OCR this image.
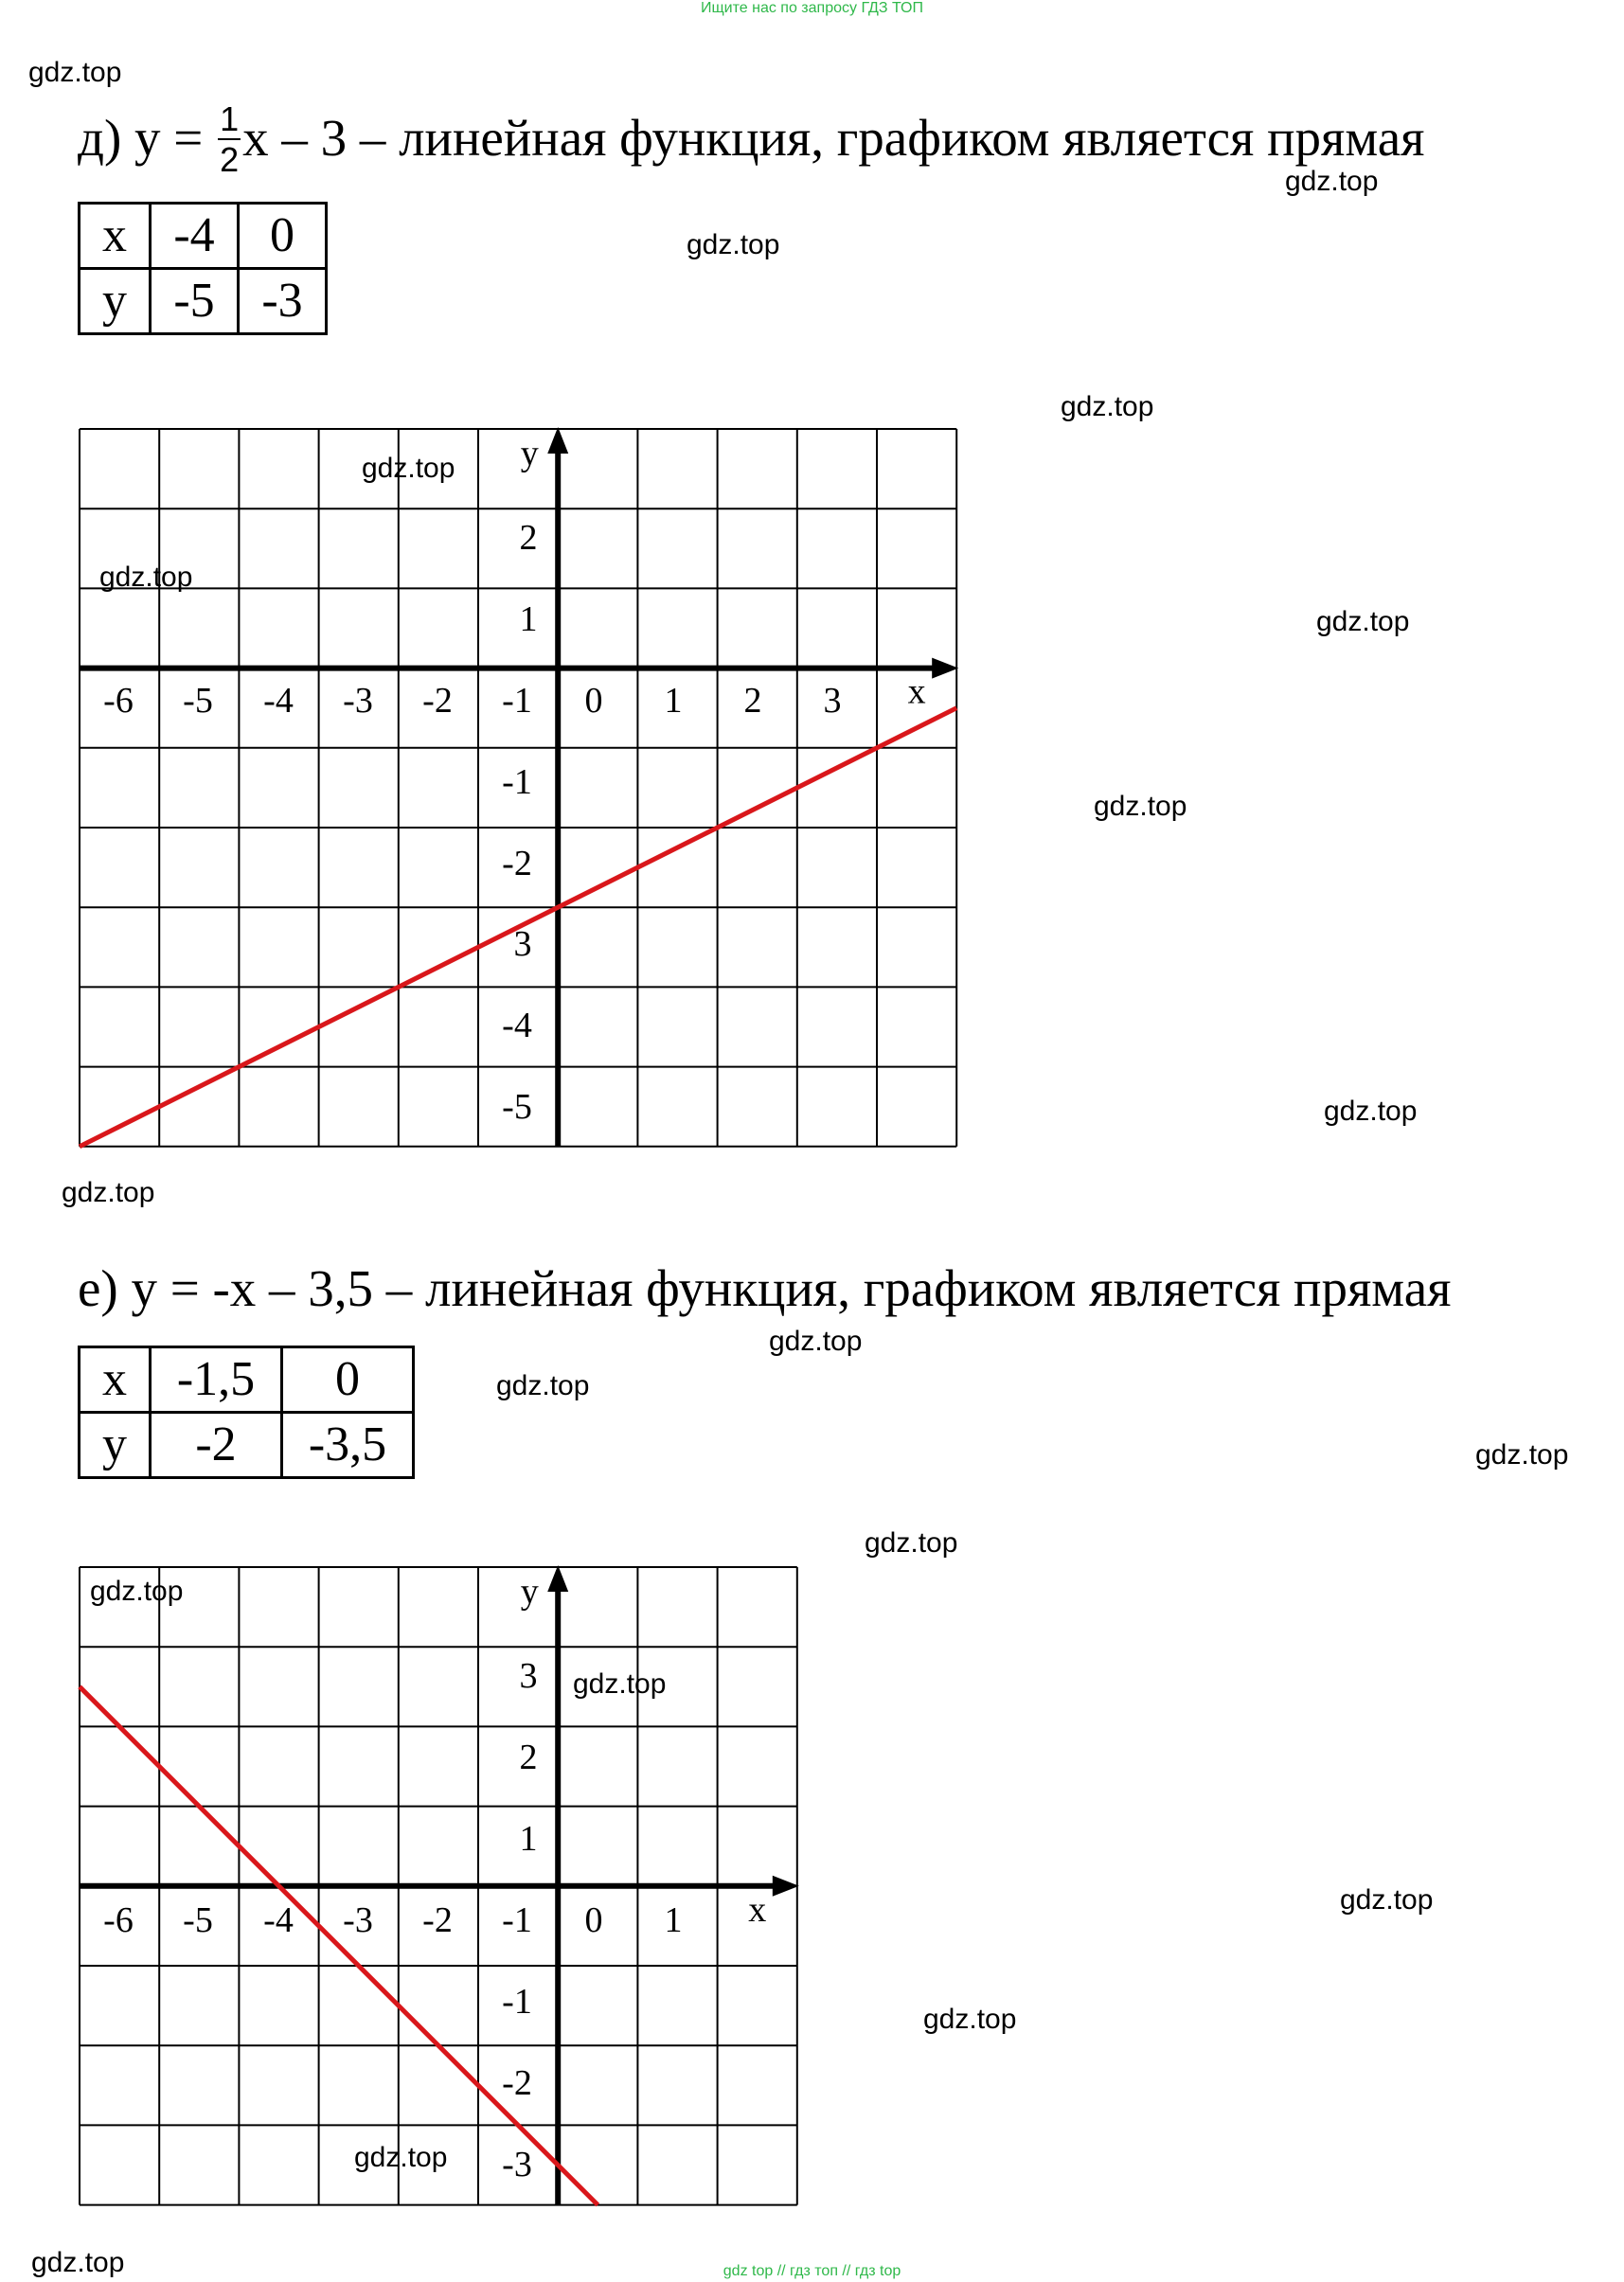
Ищите нас по запросу ГДЗ ТОП
gdz top // гдз топ // гдз top
gdz.top
gdz.top
gdz.top
gdz.top
gdz.top
gdz.top
gdz.top
gdz.top
gdz.top
gdz.top
gdz.top
gdz.top
gdz.top
gdz.top
gdz.top
gdz.top
gdz.top
gdz.top
gdz.top
gdz.top
д) $y = \frac{1}{2}$ x – 3 – линейная функция, графиком является прямая
x	-4	0
y	-5	-3
x
y
-6 -5 -4 -3 -2 -1 0 1 2 3
2
1
-1
-2
3
-4
-5
е) y = -x – 3,5 – линейная функция, графиком является прямая
x	-1,5	0
y	-2	-3,5
x
y
-6 -5 -4 -3 -2 -1 0 1
3
2
1
-1
-2
-3
